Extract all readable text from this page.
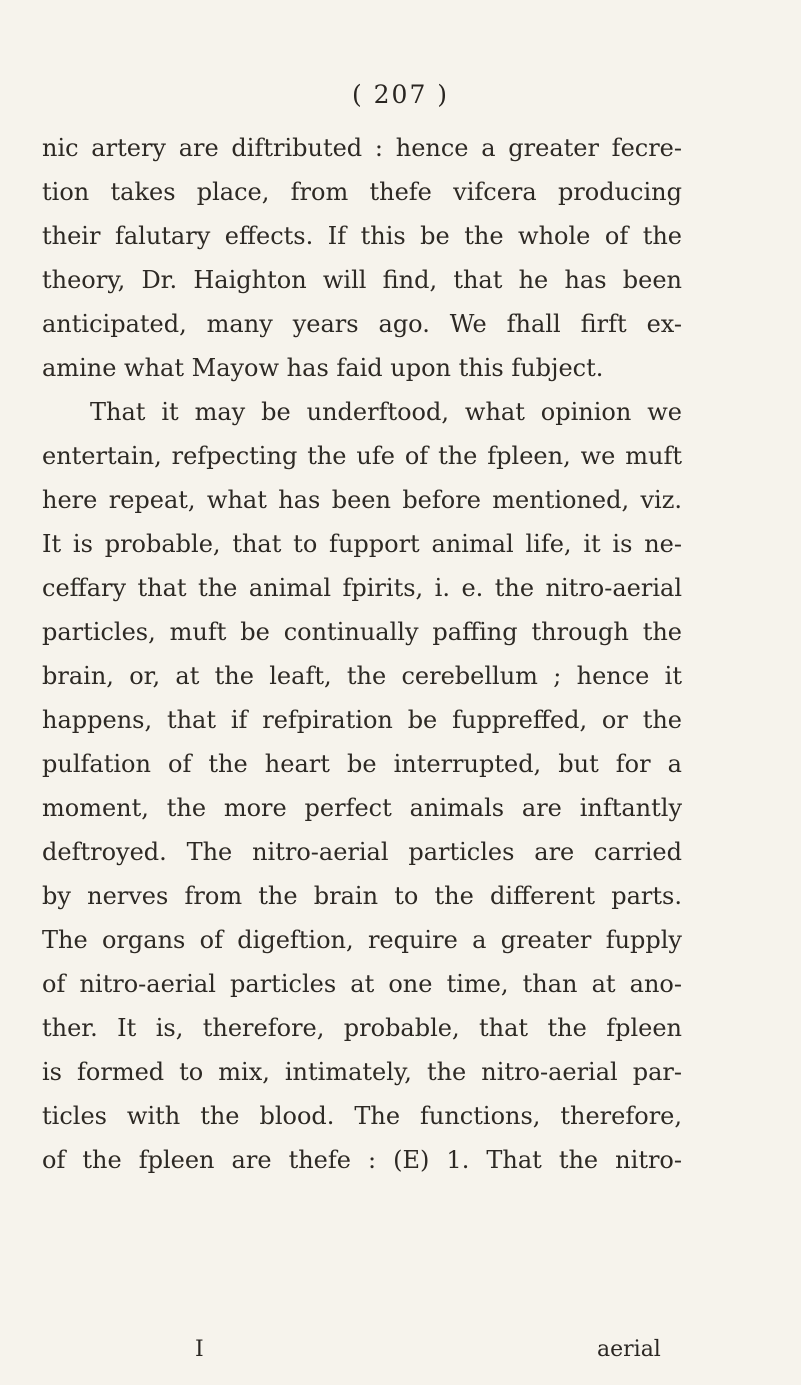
( 207 )
nic artery are diftributed : hence a greater fecre-
tion takes place, from thefe vifcera producing
their falutary effects. If this be the whole of the
theory, Dr. Haighton will find, that he has been
anticipated, many years ago. We fhall firft ex-
amine what Mayow has faid upon this fubject.
That it may be underftood, what opinion we
entertain, refpecting the ufe of the fpleen, we muft
here repeat, what has been before mentioned, viz.
It is probable, that to fupport animal life, it is ne-
ceffary that the animal fpirits, i. e. the nitro-aerial
particles, muft be continually paffing through the
brain, or, at the leaft, the cerebellum ; hence it
happens, that if refpiration be fuppreffed, or the
pulfation of the heart be interrupted, but for a
moment, the more perfect animals are inftantly
deftroyed. The nitro-aerial particles are carried
by nerves from the brain to the different parts.
The organs of digeftion, require a greater fupply
of nitro-aerial particles at one time, than at ano-
ther. It is, therefore, probable, that the fpleen
is formed to mix, intimately, the nitro-aerial par-
ticles with the blood. The functions, therefore,
of the fpleen are thefe : (E) 1. That the nitro-
I	aerial
